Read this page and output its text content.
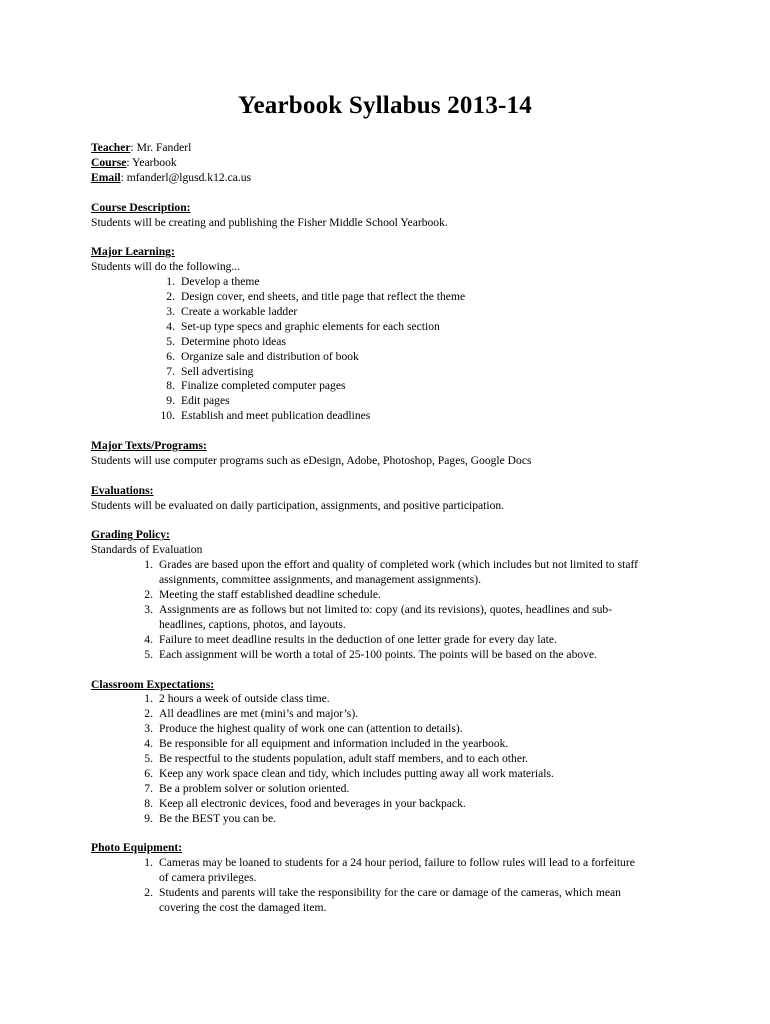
Yearbook Syllabus 2013-14
Teacher: Mr. Fanderl
Course: Yearbook
Email: mfanderl@lgusd.k12.ca.us
Course Description:
Students will be creating and publishing the Fisher Middle School Yearbook.
Major Learning:
Students will do the following...
1. Develop a theme
2. Design cover, end sheets, and title page that reflect the theme
3. Create a workable ladder
4. Set-up type specs and graphic elements for each section
5. Determine photo ideas
6. Organize sale and distribution of book
7. Sell advertising
8. Finalize completed computer pages
9. Edit pages
10. Establish and meet publication deadlines
Major Texts/Programs:
Students will use computer programs such as eDesign, Adobe, Photoshop, Pages, Google Docs
Evaluations:
Students will be evaluated on daily participation, assignments, and positive participation.
Grading Policy:
Standards of Evaluation
1. Grades are based upon the effort and quality of completed work (which includes but not limited to staff
assignments, committee assignments, and management assignments).
2. Meeting the staff established deadline schedule.
3. Assignments are as follows but not limited to: copy (and its revisions), quotes, headlines and sub-
headlines, captions, photos, and layouts.
4. Failure to meet deadline results in the deduction of one letter grade for every day late.
5. Each assignment will be worth a total of 25-100 points. The points will be based on the above.
Classroom Expectations:
1. 2 hours a week of outside class time.
2. All deadlines are met (mini’s and major’s).
3. Produce the highest quality of work one can (attention to details).
4. Be responsible for all equipment and information included in the yearbook.
5. Be respectful to the students population, adult staff members, and to each other.
6. Keep any work space clean and tidy, which includes putting away all work materials.
7. Be a problem solver or solution oriented.
8. Keep all electronic devices, food and beverages in your backpack.
9. Be the BEST you can be.
Photo Equipment:
1. Cameras may be loaned to students for a 24 hour period, failure to follow rules will lead to a forfeiture
of camera privileges.
2. Students and parents will take the responsibility for the care or damage of the cameras, which mean
covering the cost the damaged item.
